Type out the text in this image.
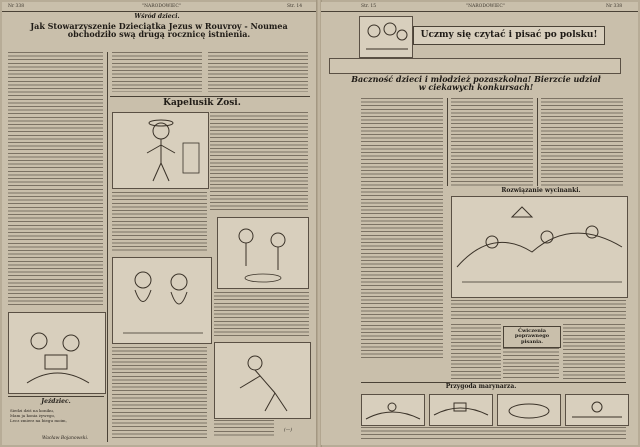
Nr 338	"NARODOWIEC"	Str. 14
Wśród dzieci.
Jak Stowarzyszenie Dzieciątka Jezus w Rouvroy - Noumea obchodziło swą drugą rocznicę istnienia.
Kapelusik Zosi.
(—)
Jeździec.
Siedzi dziś na koniku,
Mam ja konia żywego,
Lecz zmierz na biegu moim,
Wacław Bojanowski.
Str. 15	"NARODOWIEC"	Nr 338
Uczmy się czytać i pisać po polsku!
Baczność dzieci i młodzież pozaszkolna! Bierzcie udział w ciekawych konkursach!
Rozwiązanie wycinanki.
Ćwiczenia poprawnego pisania.
Przygoda marynarza.
